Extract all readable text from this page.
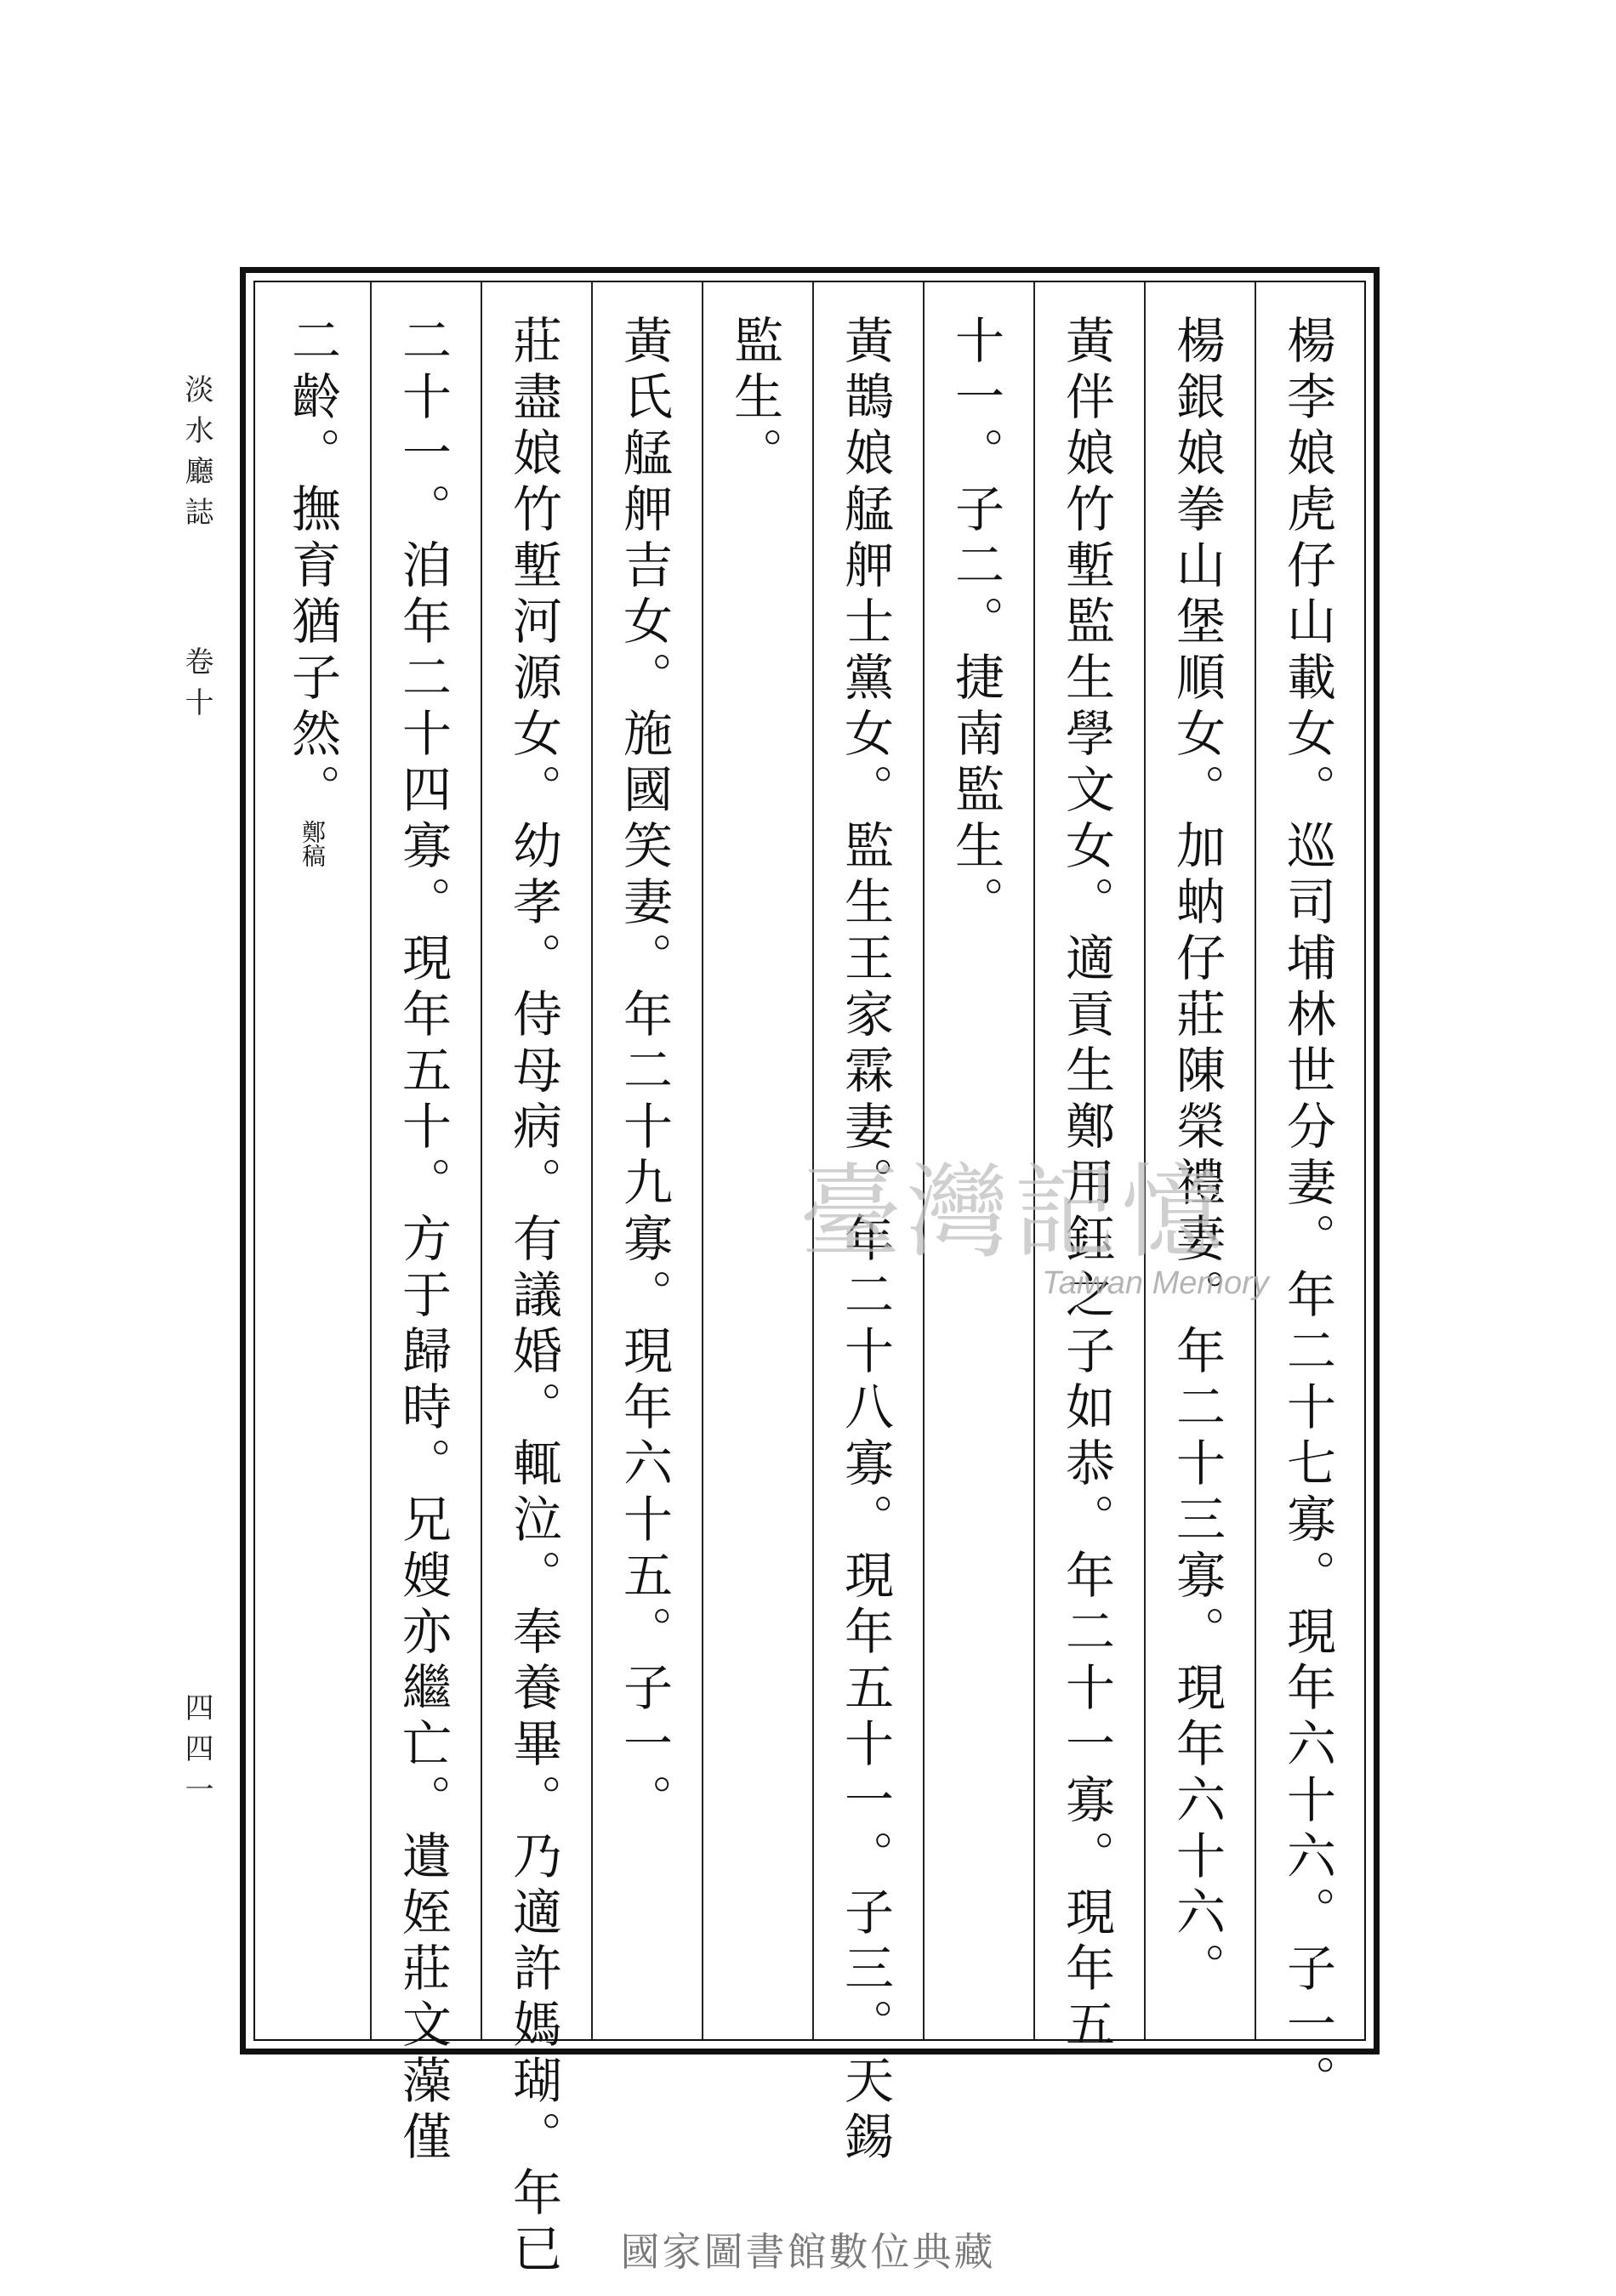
楊李娘虎仔山載女。巡司埔林世分妻。年二十七寡。現年六十六。子一。
楊銀娘拳山堡順女。加蚋仔莊陳榮禮妻。年二十三寡。現年六十六。
黃伴娘竹塹監生學文女。適貢生鄭用鈺之子如恭。年二十一寡。現年五
十一。子二。捷南監生。
黃鵲娘艋舺士黨女。監生王家霖妻。年二十八寡。現年五十一。子三。天錫
監生。
黃氏艋舺吉女。施國笑妻。年二十九寡。現年六十五。子一。
莊盡娘竹塹河源女。幼孝。侍母病。有議婚。輒泣。奉養畢。乃適許媽瑚。年已
二十一。洎年二十四寡。現年五十。方于歸時。兄嫂亦繼亡。遺姪莊文藻僅
二齡。撫育猶子然。鄭稿
淡水廳誌
卷十
四四一
臺灣記憶
Taiwan Memory
國家圖書館數位典藏
